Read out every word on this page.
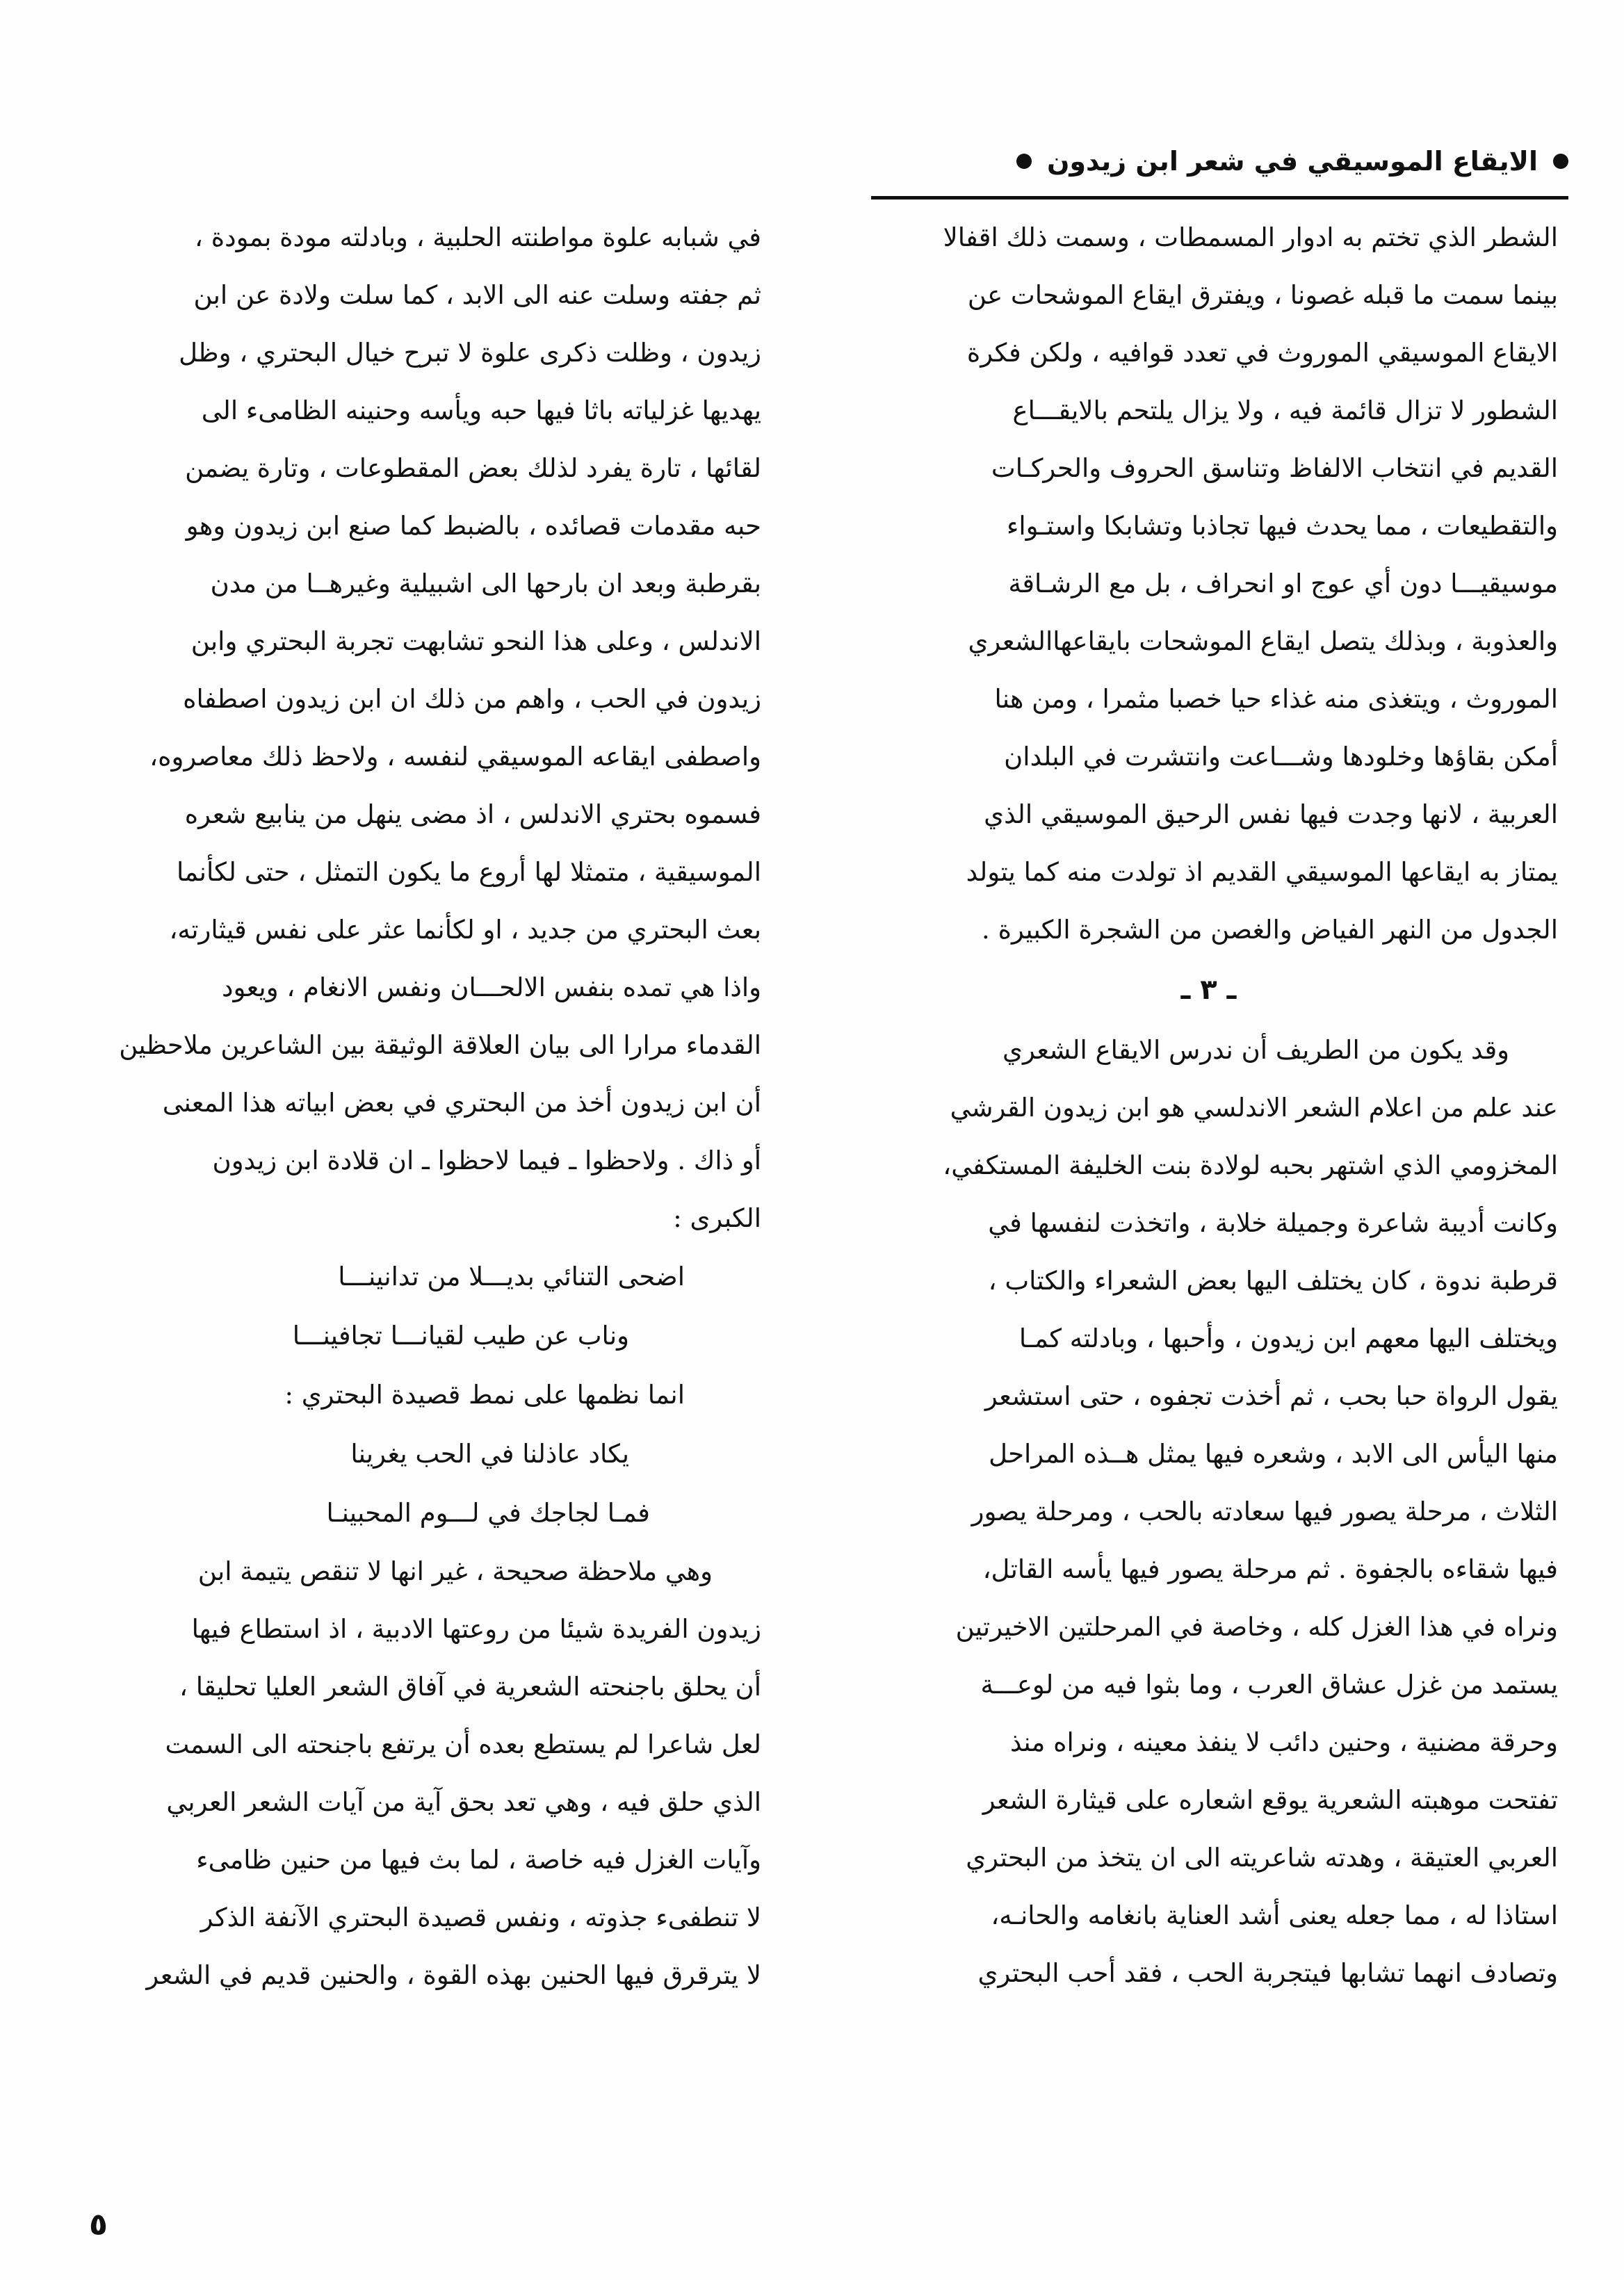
الايقاع الموسيقي في شعر ابن زيدون
الشطر الذي تختم به ادوار المسمطات ، وسمت ذلك اقفالا
بينما سمت ما قبله غصونا ، ويفترق ايقاع الموشحات عن
الايقاع الموسيقي الموروث في تعدد قوافيه ، ولكن فكرة
الشطور لا تزال قائمة فيه ، ولا يزال يلتحم بالايقـــاع
القديم في انتخاب الالفاظ وتناسق الحروف والحركـات
والتقطيعات ، مما يحدث فيها تجاذبا وتشابكا واستـواء
موسيقيـــا دون أي عوج او انحراف ، بل مع الرشـاقة
والعذوبة ، وبذلك يتصل ايقاع الموشحات بايقاعهاالشعري
الموروث ، ويتغذى منه غذاء حيا خصبا مثمرا ، ومن هنا
أمكن بقاؤها وخلودها وشـــاعت وانتشرت في البلدان
العربية ، لانها وجدت فيها نفس الرحيق الموسيقي الذي
يمتاز به ايقاعها الموسيقي القديم اذ تولدت منه كما يتولد
الجدول من النهر الفياض والغصن من الشجرة الكبيرة .
ـ ٣ ـ
وقد يكون من الطريف أن ندرس الايقاع الشعري
عند علم من اعلام الشعر الاندلسي هو ابن زيدون القرشي
المخزومي الذي اشتهر بحبه لولادة بنت الخليفة المستكفي،
وكانت أديبة شاعرة وجميلة خلابة ، واتخذت لنفسها في
قرطبة ندوة ، كان يختلف اليها بعض الشعراء والكتاب ،
ويختلف اليها معهم ابن زيدون ، وأحبها ، وبادلته كمـا
يقول الرواة حبا بحب ، ثم أخذت تجفوه ، حتى استشعر
منها اليأس الى الابد ، وشعره فيها يمثل هــذه المراحل
الثلاث ، مرحلة يصور فيها سعادته بالحب ، ومرحلة يصور
فيها شقاءه بالجفوة . ثم مرحلة يصور فيها يأسه القاتل،
ونراه في هذا الغزل كله ، وخاصة في المرحلتين الاخيرتين
يستمد من غزل عشاق العرب ، وما بثوا فيه من لوعـــة
وحرقة مضنية ، وحنين دائب لا ينفذ معينه ، ونراه منذ
تفتحت موهبته الشعرية يوقع اشعاره على قيثارة الشعر
العربي العتيقة ، وهدته شاعريته الى ان يتخذ من البحتري
استاذا له ، مما جعله يعنى أشد العناية بانغامه والحانـه،
وتصادف انهما تشابها فيتجربة الحب ، فقد أحب البحتري
في شبابه علوة مواطنته الحلبية ، وبادلته مودة بمودة ،
ثم جفته وسلت عنه الى الابد ، كما سلت ولادة عن ابن
زيدون ، وظلت ذكرى علوة لا تبرح خيال البحتري ، وظل
يهديها غزلياته باثا فيها حبه ويأسه وحنينه الظامىء الى
لقائها ، تارة يفرد لذلك بعض المقطوعات ، وتارة يضمن
حبه مقدمات قصائده ، بالضبط كما صنع ابن زيدون وهو
بقرطبة وبعد ان بارحها الى اشبيلية وغيرهــا من مدن
الاندلس ، وعلى هذا النحو تشابهت تجربة البحتري وابن
زيدون في الحب ، واهم من ذلك ان ابن زيدون اصطفاه
واصطفى ايقاعه الموسيقي لنفسه ، ولاحظ ذلك معاصروه،
فسموه بحتري الاندلس ، اذ مضى ينهل من ينابيع شعره
الموسيقية ، متمثلا لها أروع ما يكون التمثل ، حتى لكأنما
بعث البحتري من جديد ، او لكأنما عثر على نفس قيثارته،
واذا هي تمده بنفس الالحـــان ونفس الانغام ، ويعود
القدماء مرارا الى بيان العلاقة الوثيقة بين الشاعرين ملاحظين
أن ابن زيدون أخذ من البحتري في بعض ابياته هذا المعنى
أو ذاك . ولاحظوا ـ فيما لاحظوا ـ ان قلادة ابن زيدون
الكبرى :
اضحى التنائي بديـــلا من تدانينـــا
وناب عن طيب لقيانـــا تجافينـــا
انما نظمها على نمط قصيدة البحتري :
يكاد عاذلنا في الحب يغرينا
فمـا لجاجك في لـــوم المحبينـا
وهي ملاحظة صحيحة ، غير انها لا تنقص يتيمة ابن
زيدون الفريدة شيئا من روعتها الادبية ، اذ استطاع فيها
أن يحلق باجنحته الشعرية في آفاق الشعر العليا تحليقا ،
لعل شاعرا لم يستطع بعده أن يرتفع باجنحته الى السمت
الذي حلق فيه ، وهي تعد بحق آية من آيات الشعر العربي
وآيات الغزل فيه خاصة ، لما بث فيها من حنين ظامىء
لا تنطفىء جذوته ، ونفس قصيدة البحتري الآنفة الذكر
لا يترقرق فيها الحنين بهذه القوة ، والحنين قديم في الشعر
٥
